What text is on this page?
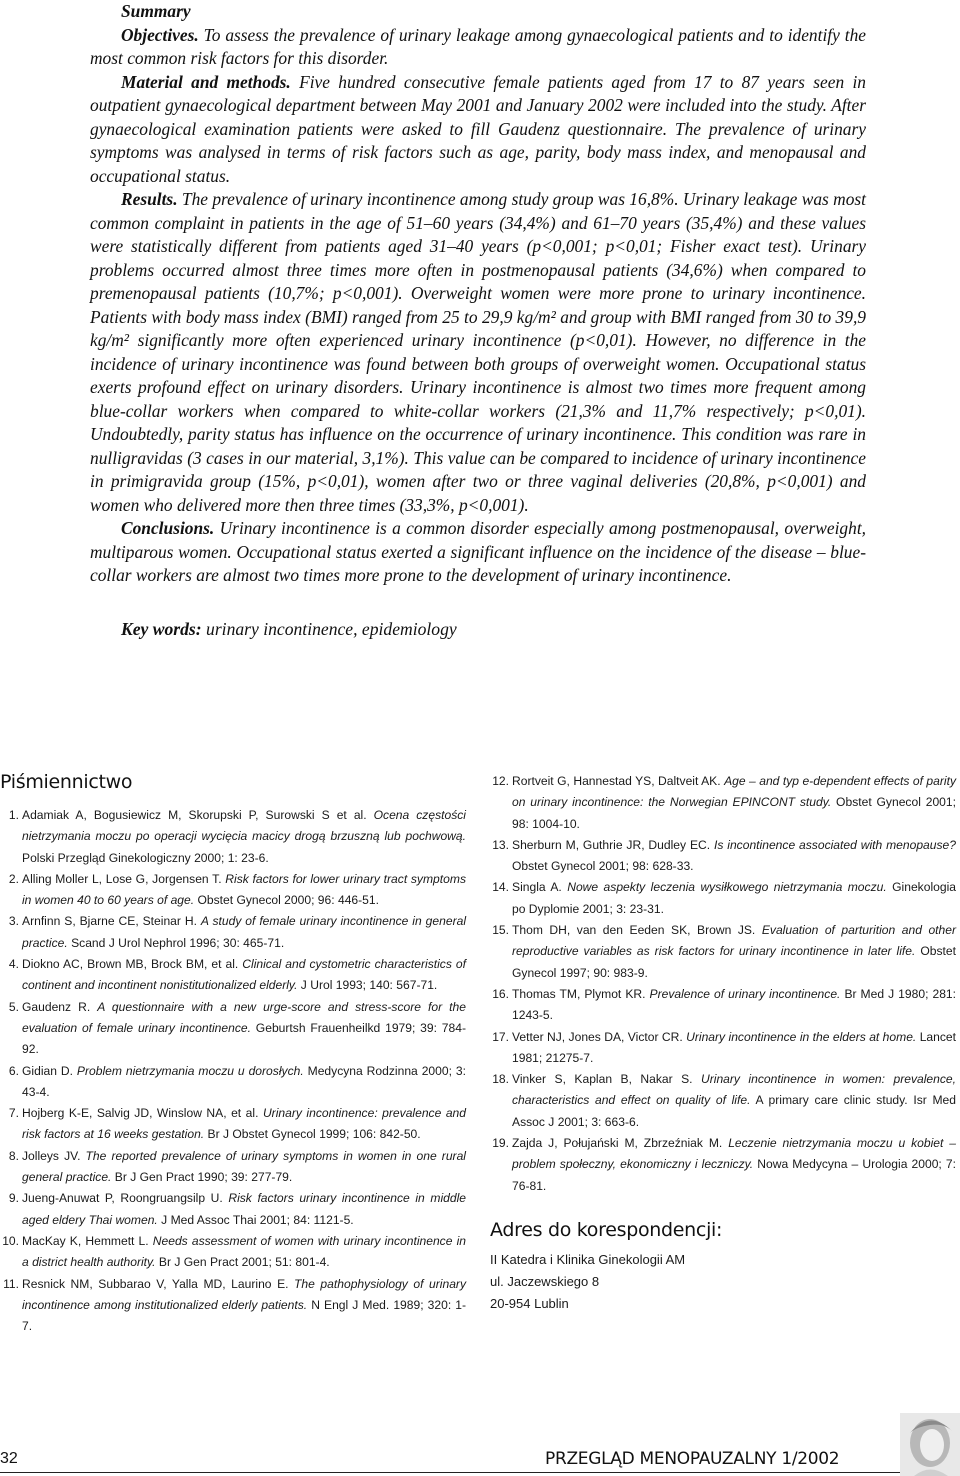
Summary

Objectives. To assess the prevalence of urinary leakage among gynaecological patients and to identify the most common risk factors for this disorder.

Material and methods. Five hundred consecutive female patients aged from 17 to 87 years seen in outpatient gynaecological department between May 2001 and January 2002 were included into the study. After gynaecological examination patients were asked to fill Gaudenz questionnaire. The prevalence of urinary symptoms was analysed in terms of risk factors such as age, parity, body mass index, and menopausal and occupational status.

Results. The prevalence of urinary incontinence among study group was 16,8%. Urinary leakage was most common complaint in patients in the age of 51–60 years (34,4%) and 61–70 years (35,4%) and these values were statistically different from patients aged 31–40 years (p<0,001; p<0,01; Fisher exact test). Urinary problems occurred almost three times more often in postmenopausal patients (34,6%) when compared to premenopausal patients (10,7%; p<0,001). Overweight women were more prone to urinary incontinence. Patients with body mass index (BMI) ranged from 25 to 29,9 kg/m² and group with BMI ranged from 30 to 39,9 kg/m² significantly more often experienced urinary incontinence (p<0,01). However, no difference in the incidence of urinary incontinence was found between both groups of overweight women. Occupational status exerts profound effect on urinary disorders. Urinary incontinence is almost two times more frequent among blue-collar workers when compared to white-collar workers (21,3% and 11,7% respectively; p<0,01). Undoubtedly, parity status has influence on the occurrence of urinary incontinence. This condition was rare in nulligravidas (3 cases in our material, 3,1%). This value can be compared to incidence of urinary incontinence in primigravida group (15%, p<0,01), women after two or three vaginal deliveries (20,8%, p<0,001) and women who delivered more then three times (33,3%, p<0,001).

Conclusions. Urinary incontinence is a common disorder especially among postmenopausal, overweight, multiparous women. Occupational status exerted a significant influence on the incidence of the disease – blue-collar workers are almost two times more prone to the development of urinary incontinence.

Key words: urinary incontinence, epidemiology

Piśmiennictwo
1. Adamiak A, Bogusiewicz M, Skorupski P, Surowski S et al. Ocena częstości nietrzymania moczu po operacji wycięcia macicy drogą brzuszną lub pochwową. Polski Przegląd Ginekologiczny 2000; 1: 23-6.
2. Alling Moller L, Lose G, Jorgensen T. Risk factors for lower urinary tract symptoms in women 40 to 60 years of age. Obstet Gynecol 2000; 96: 446-51.
3. Arnfinn S, Bjarne CE, Steinar H. A study of female urinary incontinence in general practice. Scand J Urol Nephrol 1996; 30: 465-71.
4. Diokno AC, Brown MB, Brock BM, et al. Clinical and cystometric characteristics of continent and incontinent nonistitutionalized elderly. J Urol 1993; 140: 567-71.
5. Gaudenz R. A questionnaire with a new urge-score and stress-score for the evaluation of female urinary incontinence. Geburtsh Frauenheilkd 1979; 39: 784-92.
6. Gidian D. Problem nietrzymania moczu u dorosłych. Medycyna Rodzinna 2000; 3: 43-4.
7. Hojberg K-E, Salvig JD, Winslow NA, et al. Urinary incontinence: prevalence and risk factors at 16 weeks gestation. Br J Obstet Gynecol 1999; 106: 842-50.
8. Jolleys JV. The reported prevalence of urinary symptoms in women in one rural general practice. Br J Gen Pract 1990; 39: 277-79.
9. Jueng-Anuwat P, Roongruangsilp U. Risk factors urinary incontinence in middle aged eldery Thai women. J Med Assoc Thai 2001; 84: 1121-5.
10. MacKay K, Hemmett L. Needs assessment of women with urinary incontinence in a district health authority. Br J Gen Pract 2001; 51: 801-4.
11. Resnick NM, Subbarao V, Yalla MD, Laurino E. The pathophysiology of urinary incontinence among institutionalized elderly patients. N Engl J Med. 1989; 320: 1-7.
12. Rortveit G, Hannestad YS, Daltveit AK. Age – and typ e-dependent effects of parity on urinary incontinence: the Norwegian EPINCONT study. Obstet Gynecol 2001; 98: 1004-10.
13. Sherburn M, Guthrie JR, Dudley EC. Is incontinence associated with menopause? Obstet Gynecol 2001; 98: 628-33.
14. Singla A. Nowe aspekty leczenia wysiłkowego nietrzymania moczu. Ginekologia po Dyplomie 2001; 3: 23-31.
15. Thom DH, van den Eeden SK, Brown JS. Evaluation of parturition and other reproductive variables as risk factors for urinary incontinence in later life. Obstet Gynecol 1997; 90: 983-9.
16. Thomas TM, Plymot KR. Prevalence of urinary incontinence. Br Med J 1980; 281: 1243-5.
17. Vetter NJ, Jones DA, Victor CR. Urinary incontinence in the elders at home. Lancet 1981; 21275-7.
18. Vinker S, Kaplan B, Nakar S. Urinary incontinence in women: prevalence, characteristics and effect on quality of life. A primary care clinic study. Isr Med Assoc J 2001; 3: 663-6.
19. Zajda J, Połujański M, Zbrzeźniak M. Leczenie nietrzymania moczu u kobiet – problem społeczny, ekonomiczny i leczniczy. Nowa Medycyna – Urologia 2000; 7: 76-81.
Adres do korespondencji:
II Katedra i Klinika Ginekologii AM
ul. Jaczewskiego 8
20-954 Lublin
32	PRZEGLĄD MENOPAUZALNY 1/2002
